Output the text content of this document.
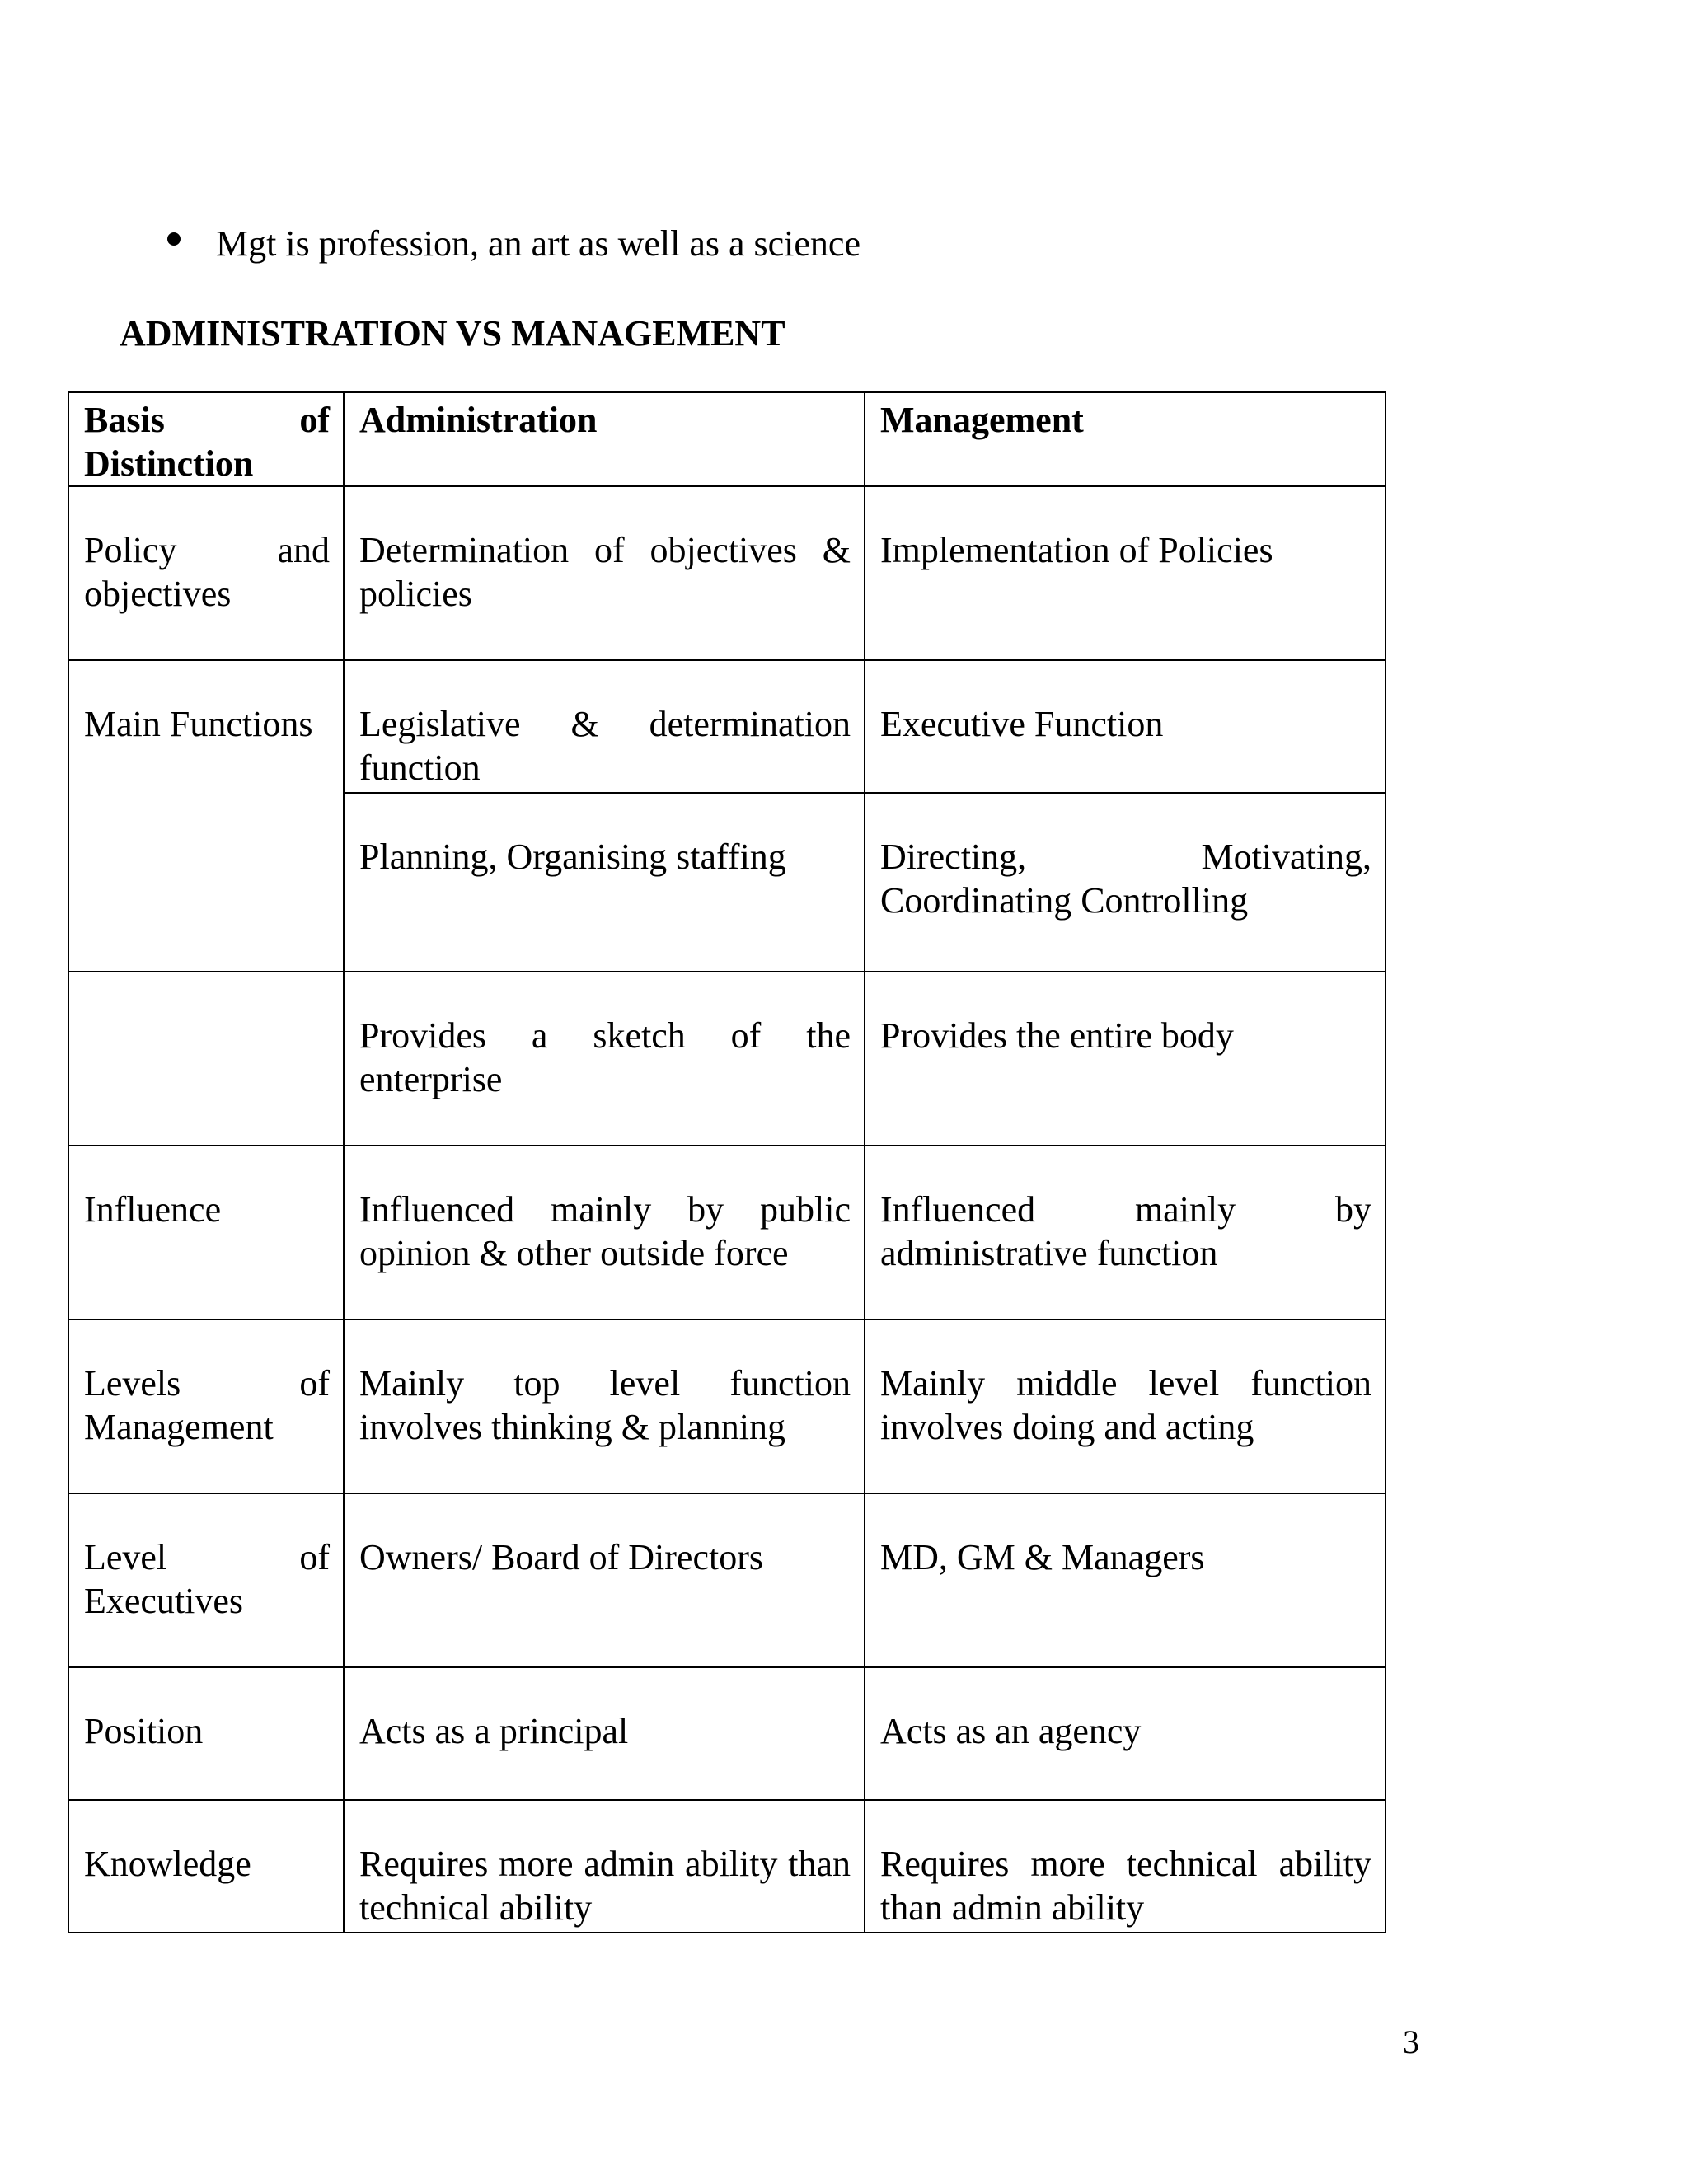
Mgt is profession, an art as well as a science
ADMINISTRATION VS MANAGEMENT
Basis of Distinction	Administration	Management
Policy and objectives	Determination of objectives & policies	Implementation of Policies
Main Functions	Legislative & determination function	Executive Function
	Planning, Organising staffing	Directing, Motivating, Coordinating Controlling
	Provides a sketch of the enterprise	Provides the entire body
Influence	Influenced mainly by public opinion & other outside force	Influenced mainly by administrative function
Levels of Management	Mainly top level function involves thinking & planning	Mainly middle level function involves doing and acting
Level of Executives	Owners/ Board of Directors	MD, GM & Managers
Position	Acts as a principal	Acts as an agency
Knowledge	Requires more admin ability than technical ability	Requires more technical ability than admin ability
3
